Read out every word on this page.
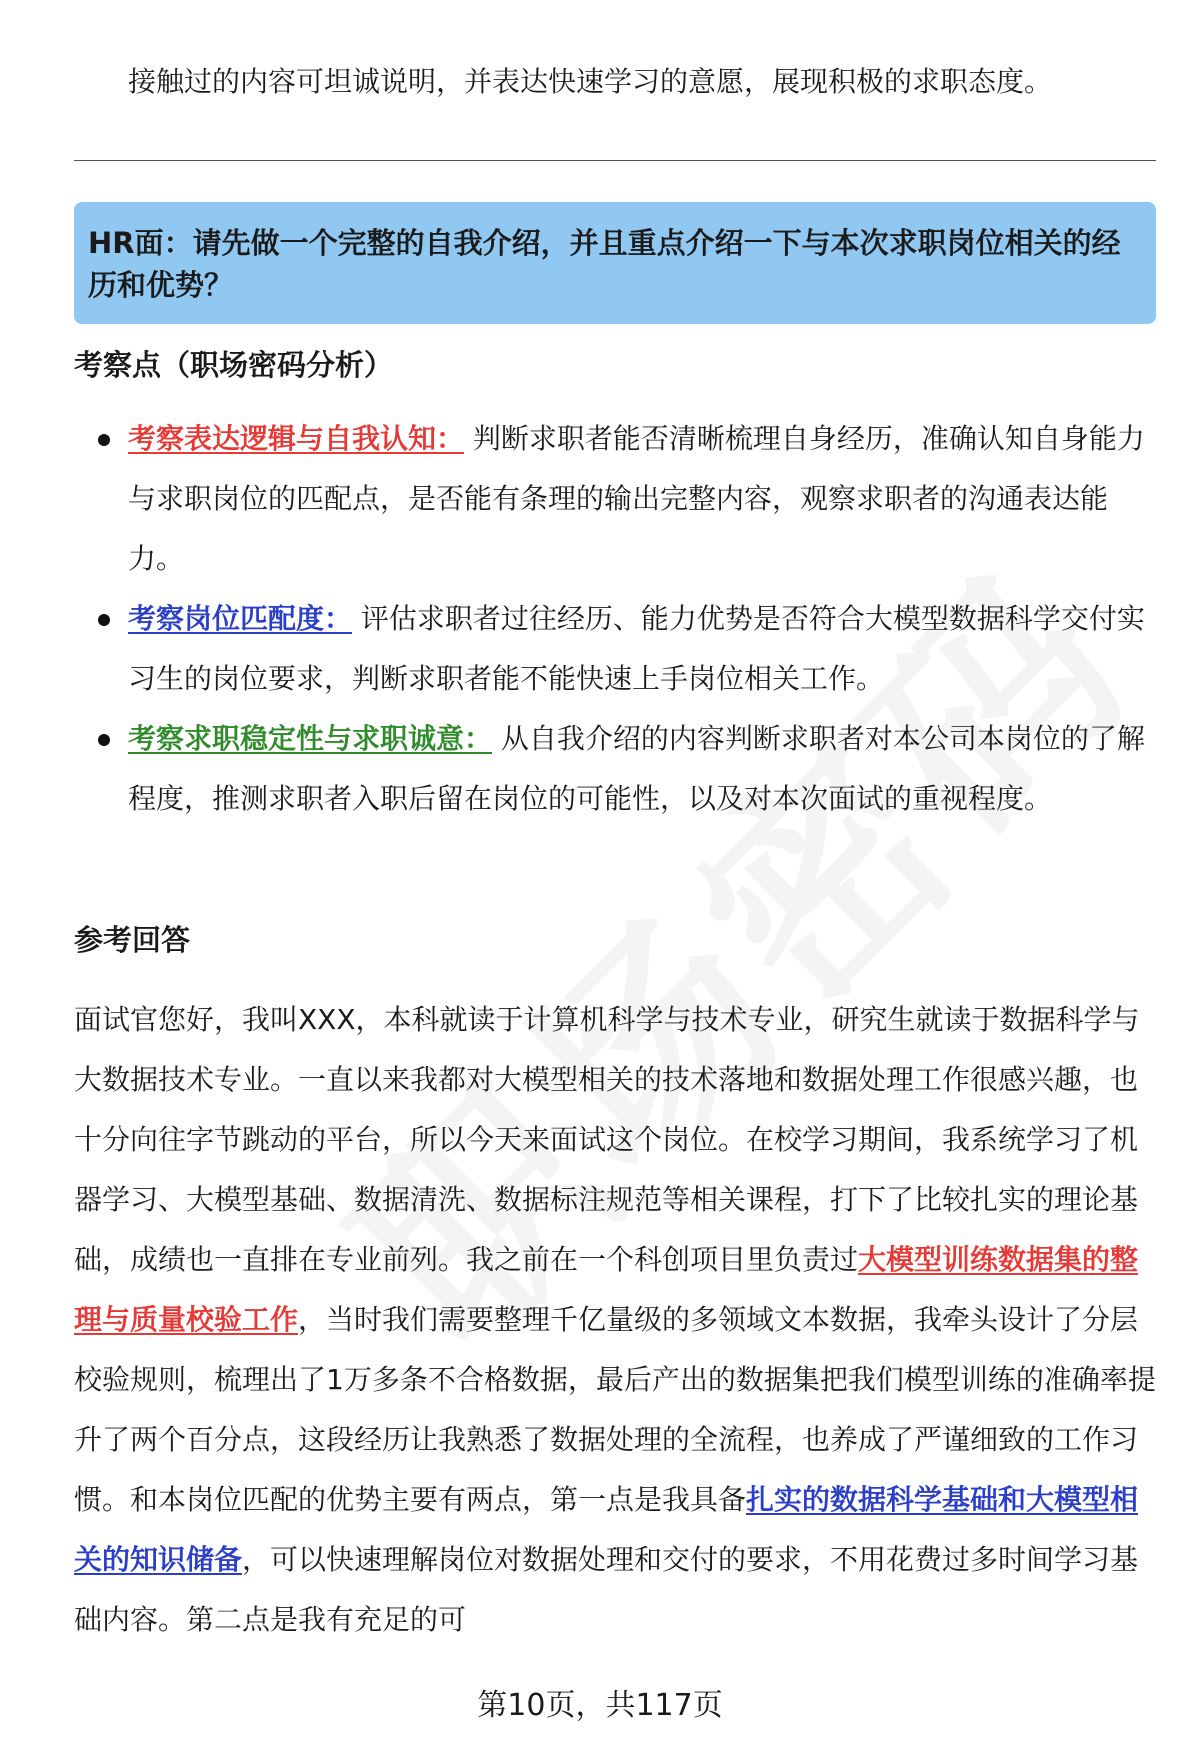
接触过的内容可坦诚说明，并表达快速学习的意愿，展现积极的求职态度。

HR面：请先做一个完整的自我介绍，并且重点介绍一下与本次求职岗位相关的经历和优势？

考察点（职场密码分析）
考察表达逻辑与自我认知： 判断求职者能否清晰梳理自身经历，准确认知自身能力与求职岗位的匹配点，是否能有条理的输出完整内容，观察求职者的沟通表达能力。
考察岗位匹配度： 评估求职者过往经历、能力优势是否符合大模型数据科学交付实习生的岗位要求，判断求职者能不能快速上手岗位相关工作。
考察求职稳定性与求职诚意： 从自我介绍的内容判断求职者对本公司本岗位的了解程度，推测求职者入职后留在岗位的可能性，以及对本次面试的重视程度。
参考回答

面试官您好，我叫XXX，本科就读于计算机科学与技术专业，研究生就读于数据科学与大数据技术专业。一直以来我都对大模型相关的技术落地和数据处理工作很感兴趣，也十分向往字节跳动的平台，所以今天来面试这个岗位。在校学习期间，我系统学习了机器学习、大模型基础、数据清洗、数据标注规范等相关课程，打下了比较扎实的理论基础，成绩也一直排在专业前列。我之前在一个科创项目里负责过大模型训练数据集的整理与质量校验工作，当时我们需要整理千亿量级的多领域文本数据，我牵头设计了分层校验规则，梳理出了1万多条不合格数据，最后产出的数据集把我们模型训练的准确率提升了两个百分点，这段经历让我熟悉了数据处理的全流程，也养成了严谨细致的工作习惯。和本岗位匹配的优势主要有两点，第一点是我具备扎实的数据科学基础和大模型相关的知识储备，可以快速理解岗位对数据处理和交付的要求，不用花费过多时间学习基础内容。第二点是我有充足的可

第10页，共117页
